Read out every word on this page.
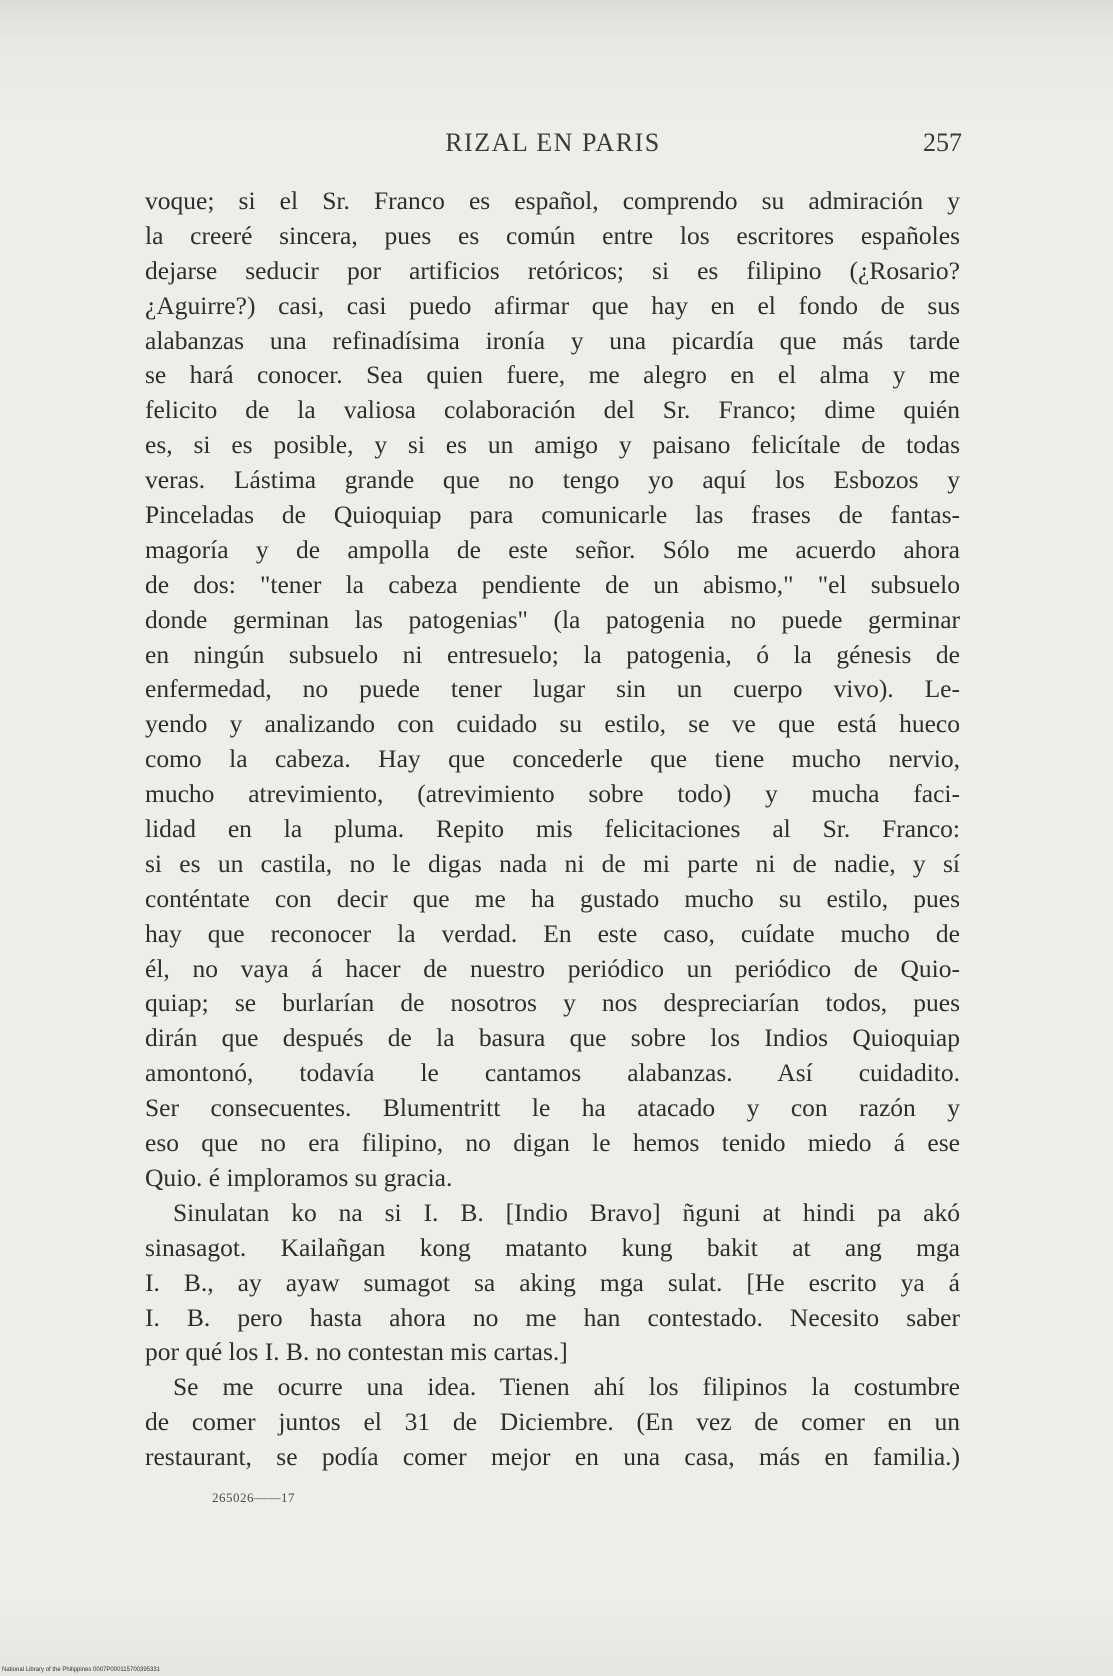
RIZAL EN PARIS	257
voque; si el Sr. Franco es español, comprendo su admiración y
la creeré sincera, pues es común entre los escritores españoles
dejarse seducir por artificios retóricos; si es filipino (¿Rosario?
¿Aguirre?) casi, casi puedo afirmar que hay en el fondo de sus
alabanzas una refinadísima ironía y una picardía que más tarde
se hará conocer. Sea quien fuere, me alegro en el alma y me
felicito de la valiosa colaboración del Sr. Franco; dime quién
es, si es posible, y si es un amigo y paisano felicítale de todas
veras. Lástima grande que no tengo yo aquí los Esbozos y
Pinceladas de Quioquiap para comunicarle las frases de fantas-
magoría y de ampolla de este señor. Sólo me acuerdo ahora
de dos: "tener la cabeza pendiente de un abismo," "el subsuelo
donde germinan las patogenias" (la patogenia no puede germinar
en ningún subsuelo ni entresuelo; la patogenia, ó la génesis de
enfermedad, no puede tener lugar sin un cuerpo vivo). Le-
yendo y analizando con cuidado su estilo, se ve que está hueco
como la cabeza. Hay que concederle que tiene mucho nervio,
mucho atrevimiento, (atrevimiento sobre todo) y mucha faci-
lidad en la pluma. Repito mis felicitaciones al Sr. Franco:
si es un castila, no le digas nada ni de mi parte ni de nadie, y sí
conténtate con decir que me ha gustado mucho su estilo, pues
hay que reconocer la verdad. En este caso, cuídate mucho de
él, no vaya á hacer de nuestro periódico un periódico de Quio-
quiap; se burlarían de nosotros y nos despreciarían todos, pues
dirán que después de la basura que sobre los Indios Quioquiap
amontonó, todavía le cantamos alabanzas. Así cuidadito.
Ser consecuentes. Blumentritt le ha atacado y con razón y
eso que no era filipino, no digan le hemos tenido miedo á ese
Quio. é imploramos su gracia.
Sinulatan ko na si I. B. [Indio Bravo] ñguni at hindi pa akó
sinasagot. Kailañgan kong matanto kung bakit at ang mga
I. B., ay ayaw sumagot sa aking mga sulat. [He escrito ya á
I. B. pero hasta ahora no me han contestado. Necesito saber
por qué los I. B. no contestan mis cartas.]
Se me ocurre una idea. Tienen ahí los filipinos la costumbre
de comer juntos el 31 de Diciembre. (En vez de comer en un
restaurant, se podía comer mejor en una casa, más en familia.)
265026——17
National Library of the Philippines 0007P000115700395331
